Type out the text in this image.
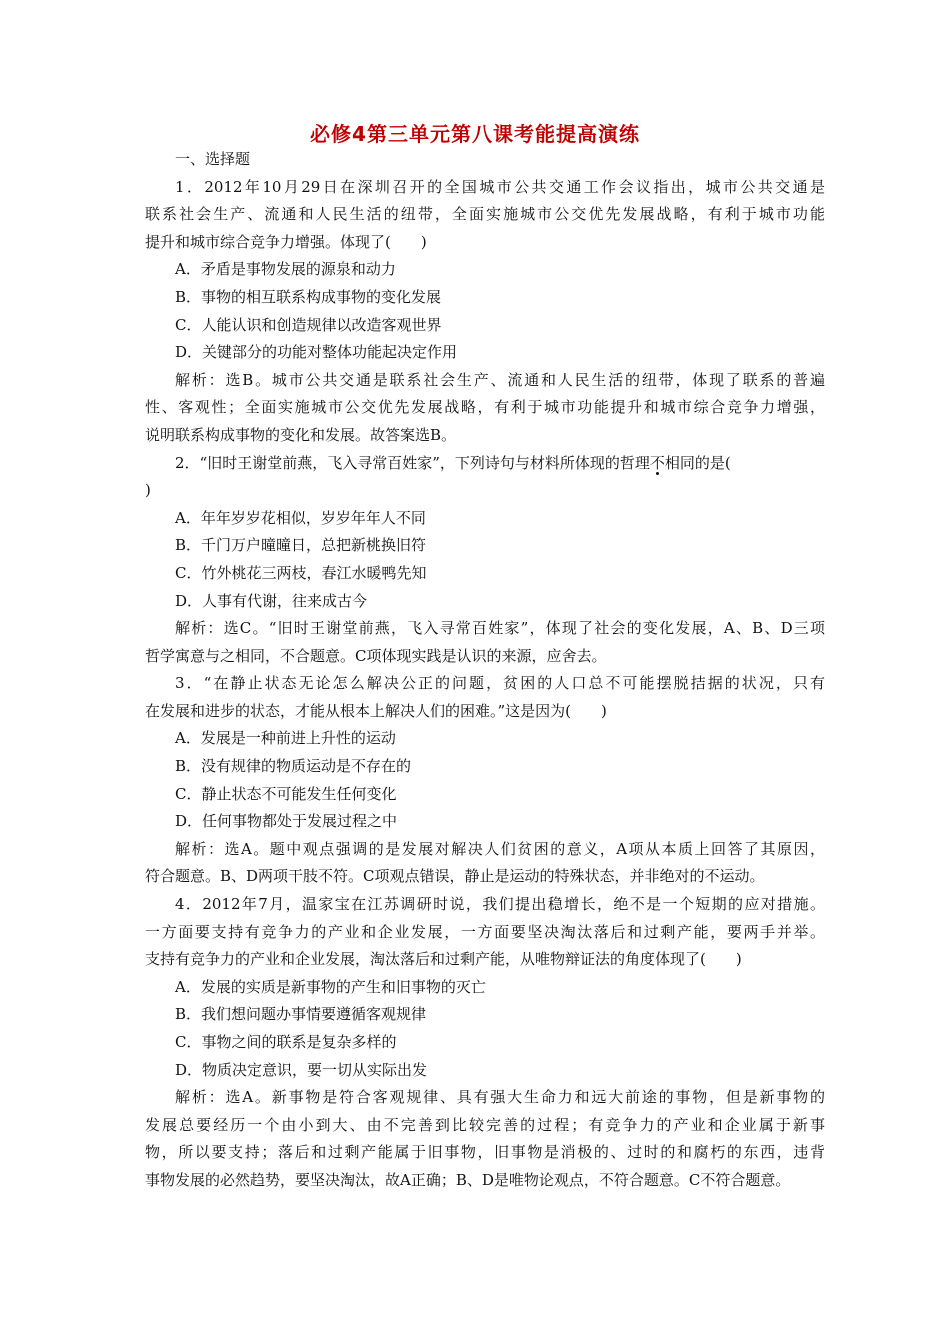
必修4第三单元第八课考能提高演练
一、选择题
1．2012年10月29日在深圳召开的全国城市公共交通工作会议指出，城市公共交通是
联系社会生产、流通和人民生活的纽带，全面实施城市公交优先发展战略，有利于城市功能
提升和城市综合竞争力增强。体现了(　　)
A．矛盾是事物发展的源泉和动力
B．事物的相互联系构成事物的变化发展
C．人能认识和创造规律以改造客观世界
D．关键部分的功能对整体功能起决定作用
解析：选B。城市公共交通是联系社会生产、流通和人民生活的纽带，体现了联系的普遍
性、客观性；全面实施城市公交优先发展战略，有利于城市功能提升和城市综合竞争力增强，
说明联系构成事物的变化和发展。故答案选B。
2．“旧时王谢堂前燕，飞入寻常百姓家”，下列诗句与材料所体现的哲理不相同的是(
)
A．年年岁岁花相似，岁岁年年人不同
B．千门万户曈曈日，总把新桃换旧符
C．竹外桃花三两枝，春江水暖鸭先知
D．人事有代谢，往来成古今
解析：选C。“旧时王谢堂前燕，飞入寻常百姓家”，体现了社会的变化发展，A、B、D三项
哲学寓意与之相同，不合题意。C项体现实践是认识的来源，应舍去。
3．“在静止状态无论怎么解决公正的问题，贫困的人口总不可能摆脱拮据的状况，只有
在发展和进步的状态，才能从根本上解决人们的困难。”这是因为(　　)
A．发展是一种前进上升性的运动
B．没有规律的物质运动是不存在的
C．静止状态不可能发生任何变化
D．任何事物都处于发展过程之中
解析：选A。题中观点强调的是发展对解决人们贫困的意义，A项从本质上回答了其原因，
符合题意。B、D两项干肢不符。C项观点错误，静止是运动的特殊状态，并非绝对的不运动。
4．2012年7月，温家宝在江苏调研时说，我们提出稳增长，绝不是一个短期的应对措施。
一方面要支持有竞争力的产业和企业发展，一方面要坚决淘汰落后和过剩产能，要两手并举。
支持有竞争力的产业和企业发展，淘汰落后和过剩产能，从唯物辩证法的角度体现了(　　)
A．发展的实质是新事物的产生和旧事物的灭亡
B．我们想问题办事情要遵循客观规律
C．事物之间的联系是复杂多样的
D．物质决定意识，要一切从实际出发
解析：选A。新事物是符合客观规律、具有强大生命力和远大前途的事物，但是新事物的
发展总要经历一个由小到大、由不完善到比较完善的过程；有竞争力的产业和企业属于新事
物，所以要支持；落后和过剩产能属于旧事物，旧事物是消极的、过时的和腐朽的东西，违背
事物发展的必然趋势，要坚决淘汰，故A正确；B、D是唯物论观点，不符合题意。C不符合题意。
